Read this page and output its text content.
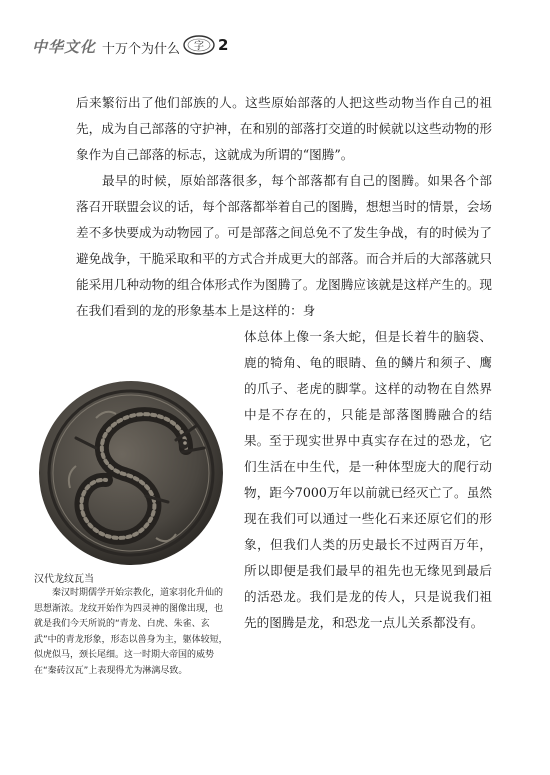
中华文化 十万个为什么 字 2

后来繁衍出了他们部族的人。这些原始部落的人把这些动物当作自己的祖先，成为自己部落的守护神，在和别的部落打交道的时候就以这些动物的形象作为自己部落的标志，这就成为所谓的“图腾”。

最早的时候，原始部落很多，每个部落都有自己的图腾。如果各个部落召开联盟会议的话，每个部落都举着自己的图腾，想想当时的情景，会场差不多快要成为动物园了。可是部落之间总免不了发生争战，有的时候为了避免战争，干脆采取和平的方式合并成更大的部落。而合并后的大部落就只能采用几种动物的组合体形式作为图腾了。龙图腾应该就是这样产生的。现在我们看到的龙的形象基本上是这样的：身

体总体上像一条大蛇，但是长着牛的脑袋、鹿的犄角、龟的眼睛、鱼的鳞片和须子、鹰的爪子、老虎的脚掌。这样的动物在自然界中是不存在的，只能是部落图腾融合的结果。 至于现实世界中真实存在过的恐龙，它们生活在中生代，是一种体型庞大的爬行动物，距今7000万年以前就已经灭亡了。虽然现在我们可以通过一些化石来还原它们的形象，但我们人类的历史最长不过两百万年，所以即便是我们最早的祖先也无缘见到最后的活恐龙。我们是龙的传人，只是说我们祖先的图腾是龙，和恐龙一点儿关系都没有。

汉代龙纹瓦当

秦汉时期儒学开始宗教化，道家羽化升仙的思想渐浓。龙纹开始作为四灵神的图像出现，也就是我们今天所说的“青龙、白虎、朱雀、玄武”中的青龙形象，形态以兽身为主，躯体较短，似虎似马，颈长尾细。这一时期大帝国的威势在“秦砖汉瓦”上表现得尤为淋漓尽致。
